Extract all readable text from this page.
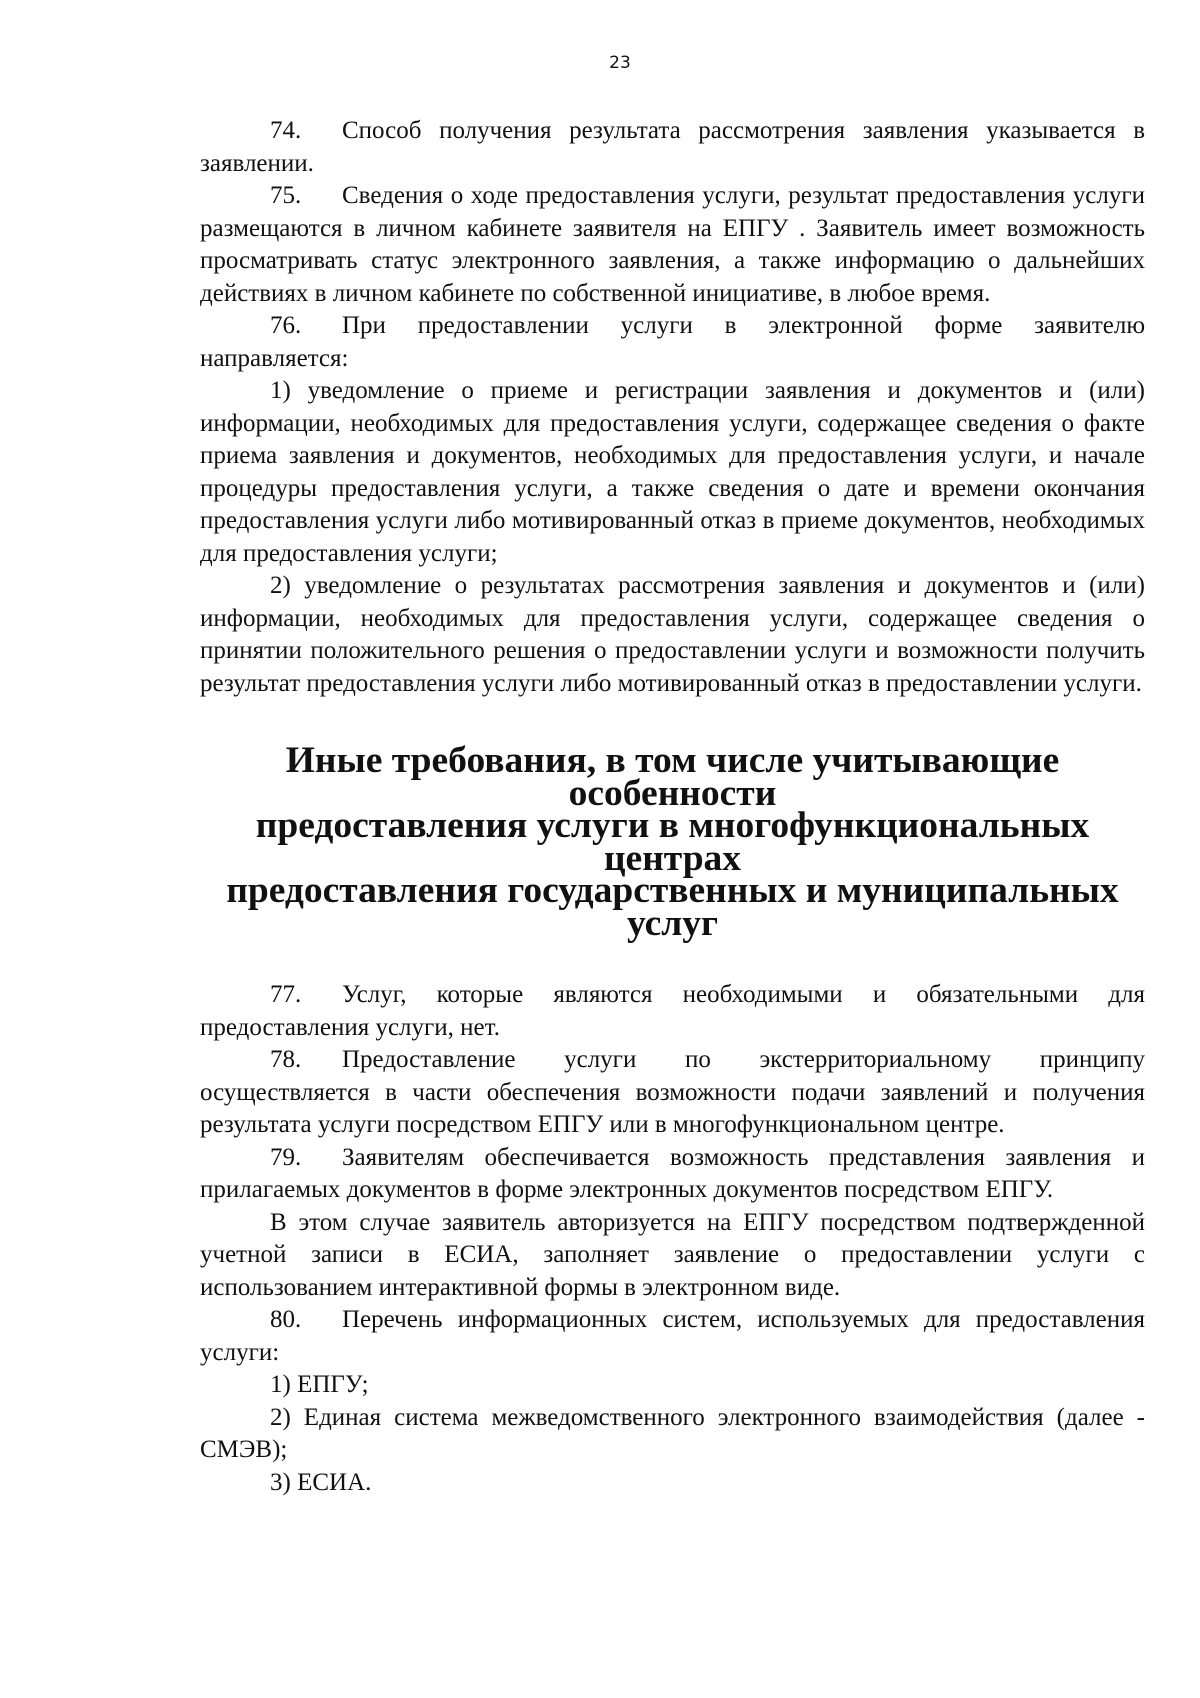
23

74. Способ получения результата рассмотрения заявления указывается в заявлении.

75. Сведения о ходе предоставления услуги, результат предоставления услуги размещаются в личном кабинете заявителя на ЕПГУ . Заявитель имеет возможность просматривать статус электронного заявления, а также информацию о дальнейших действиях в личном кабинете по собственной инициативе, в любое время.

76. При предоставлении услуги в электронной форме заявителю направляется:

1) уведомление о приеме и регистрации заявления и документов и (или) информации, необходимых для предоставления услуги, содержащее сведения о факте приема заявления и документов, необходимых для предоставления услуги, и начале процедуры предоставления услуги, а также сведения о дате и времени окончания предоставления услуги либо мотивированный отказ в приеме документов, необходимых для предоставления услуги;

2) уведомление о результатах рассмотрения заявления и документов и (или) информации, необходимых для предоставления услуги, содержащее сведения о принятии положительного решения о предоставлении услуги и возможности получить результат предоставления услуги либо мотивированный отказ в предоставлении услуги.

Иные требования, в том числе учитывающие особенности
предоставления услуги в многофункциональных центрах
предоставления государственных и муниципальных услуг

77. Услуг, которые являются необходимыми и обязательными для предоставления услуги, нет.

78. Предоставление услуги по экстерриториальному принципу осуществляется в части обеспечения возможности подачи заявлений и получения результата услуги посредством ЕПГУ или в многофункциональном центре.

79. Заявителям обеспечивается возможность представления заявления и прилагаемых документов в форме электронных документов посредством ЕПГУ.

В этом случае заявитель авторизуется на ЕПГУ посредством подтвержденной учетной записи в ЕСИА, заполняет заявление о предоставлении услуги с использованием интерактивной формы в электронном виде.

80. Перечень информационных систем, используемых для предоставления услуги:

1) ЕПГУ;

2) Единая система межведомственного электронного взаимодействия (далее - СМЭВ);

3) ЕСИА.
